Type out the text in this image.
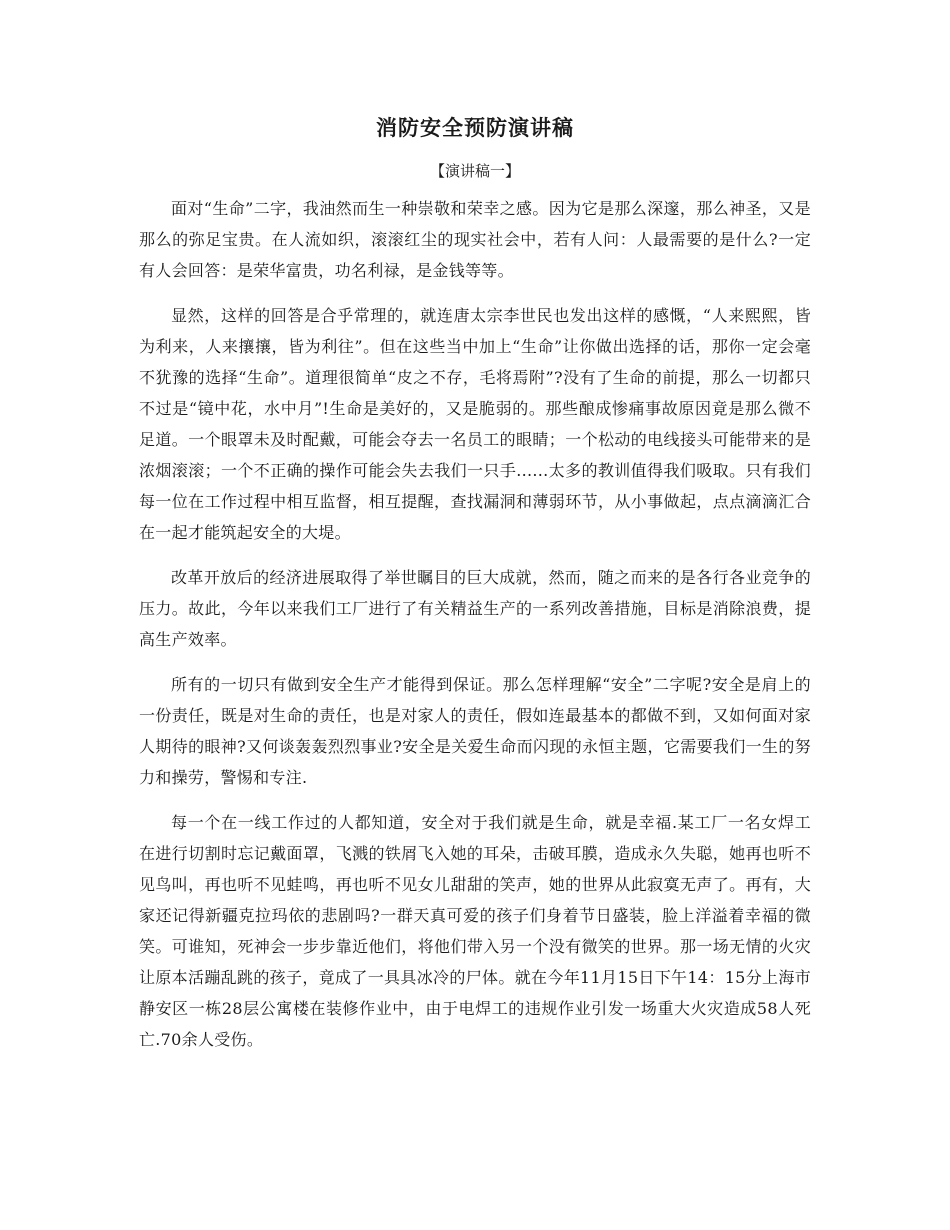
消防安全预防演讲稿
【演讲稿一】

面对“生命”二字，我油然而生一种崇敬和荣幸之感。因为它是那么深邃，那么神圣，又是那么的弥足宝贵。在人流如织，滚滚红尘的现实社会中，若有人问：人最需要的是什么?一定有人会回答：是荣华富贵，功名利禄，是金钱等等。

显然，这样的回答是合乎常理的，就连唐太宗李世民也发出这样的感慨，“人来熙熙，皆为利来，人来攘攘，皆为利往”。但在这些当中加上“生命”让你做出选择的话，那你一定会毫不犹豫的选择“生命”。道理很简单“皮之不存，毛将焉附”?没有了生命的前提，那么一切都只不过是“镜中花，水中月”!生命是美好的，又是脆弱的。那些酿成惨痛事故原因竟是那么微不足道。一个眼罩未及时配戴，可能会夺去一名员工的眼睛；一个松动的电线接头可能带来的是浓烟滚滚；一个不正确的操作可能会失去我们一只手......太多的教训值得我们吸取。只有我们每一位在工作过程中相互监督，相互提醒，查找漏洞和薄弱环节，从小事做起，点点滴滴汇合在一起才能筑起安全的大堤。

改革开放后的经济进展取得了举世瞩目的巨大成就，然而，随之而来的是各行各业竞争的压力。故此，今年以来我们工厂进行了有关精益生产的一系列改善措施，目标是消除浪费，提高生产效率。

所有的一切只有做到安全生产才能得到保证。那么怎样理解“安全”二字呢?安全是肩上的一份责任，既是对生命的责任，也是对家人的责任，假如连最基本的都做不到，又如何面对家人期待的眼神?又何谈轰轰烈烈事业?安全是关爱生命而闪现的永恒主题，它需要我们一生的努力和操劳，警惕和专注.

每一个在一线工作过的人都知道，安全对于我们就是生命，就是幸福.某工厂一名女焊工在进行切割时忘记戴面罩，飞溅的铁屑飞入她的耳朵，击破耳膜，造成永久失聪，她再也听不见鸟叫，再也听不见蛙鸣，再也听不见女儿甜甜的笑声，她的世界从此寂寞无声了。再有，大家还记得新疆克拉玛依的悲剧吗?一群天真可爱的孩子们身着节日盛装，脸上洋溢着幸福的微笑。可谁知，死神会一步步靠近他们，将他们带入另一个没有微笑的世界。那一场无情的火灾让原本活蹦乱跳的孩子，竟成了一具具冰冷的尸体。就在今年11月15日下午14：15分上海市静安区一栋28层公寓楼在装修作业中，由于电焊工的违规作业引发一场重大火灾造成58人死亡.70余人受伤。
